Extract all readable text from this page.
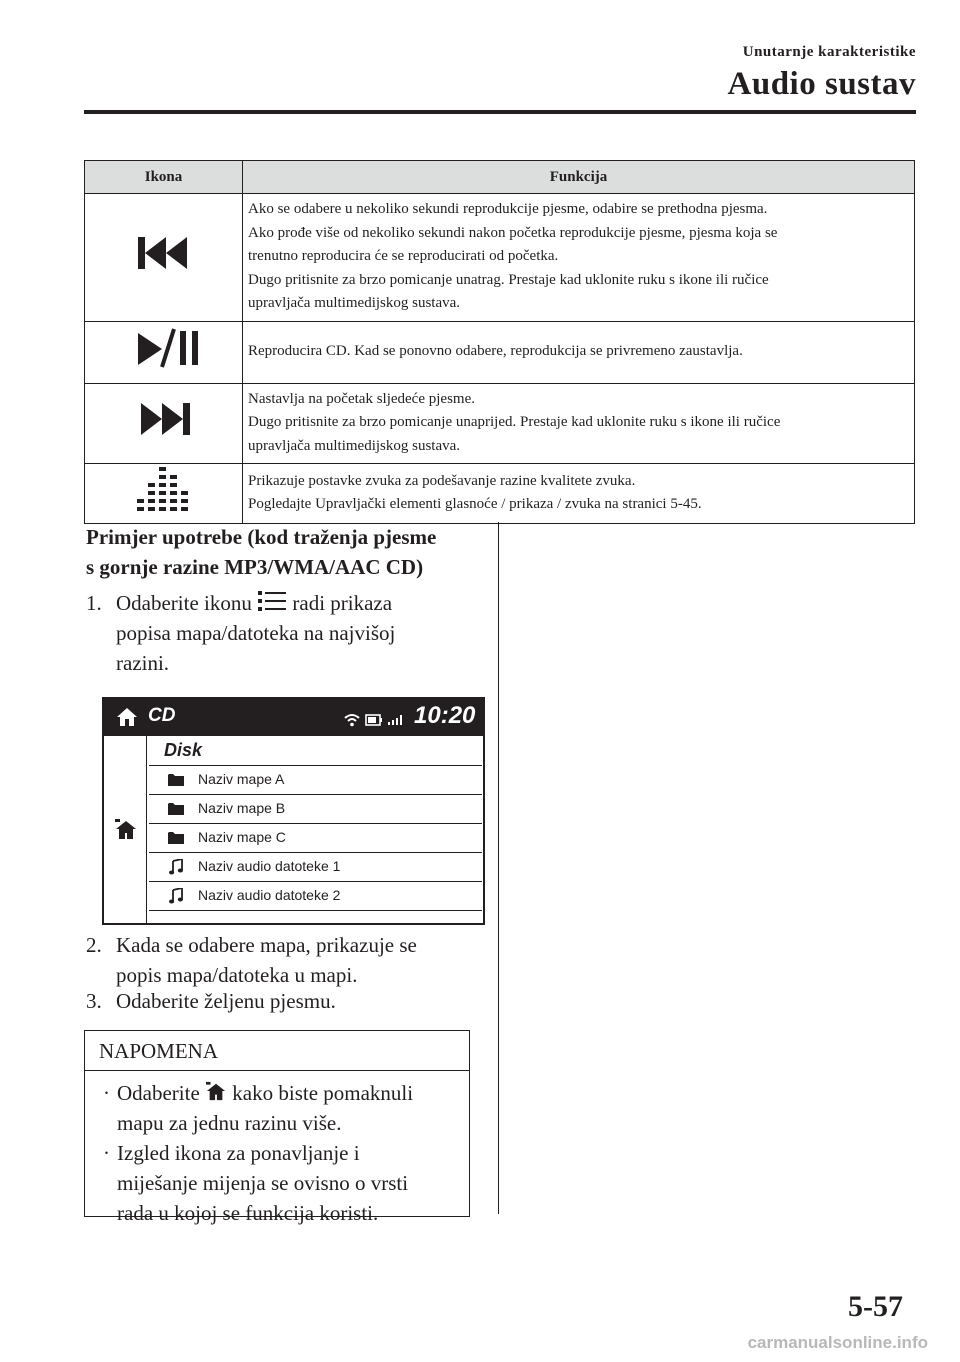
Unutarnje karakteristike
Audio sustav
Ikona	Funkcija

Ako se odabere u nekoliko sekundi reprodukcije pjesme, odabire se prethodna pjesma.
Ako prođe više od nekoliko sekundi nakon početka reprodukcije pjesme, pjesma koja se
trenutno reproducira će se reproducirati od početka.
Dugo pritisnite za brzo pomicanje unatrag. Prestaje kad uklonite ruku s ikone ili ručice
upravljača multimedijskog sustava.

Reproducira CD. Kad se ponovno odabere, reprodukcija se privremeno zaustavlja.

Nastavlja na početak sljedeće pjesme.
Dugo pritisnite za brzo pomicanje unaprijed. Prestaje kad uklonite ruku s ikone ili ručice
upravljača multimedijskog sustava.

Prikazuje postavke zvuka za podešavanje razine kvalitete zvuka.
Pogledajte Upravljački elementi glasnoće / prikaza / zvuka na stranici 5-45.
Primjer upotrebe (kod traženja pjesme
s gornje razine MP3/WMA/AAC CD)
1. Odaberite ikonu radi prikaza
popisa mapa/datoteka na najvišoj
razini.
CD	10:20
Disk
Naziv mape A
Naziv mape B
Naziv mape C
Naziv audio datoteke 1
Naziv audio datoteke 2
2. Kada se odabere mapa, prikazuje se
popis mapa/datoteka u mapi.
3. Odaberite željenu pjesmu.
NAPOMENA
· Odaberite kako biste pomaknuli
mapu za jednu razinu više.
· Izgled ikona za ponavljanje i
miješanje mijenja se ovisno o vrsti
rada u kojoj se funkcija koristi.
5-57
carmanualsonline.info
